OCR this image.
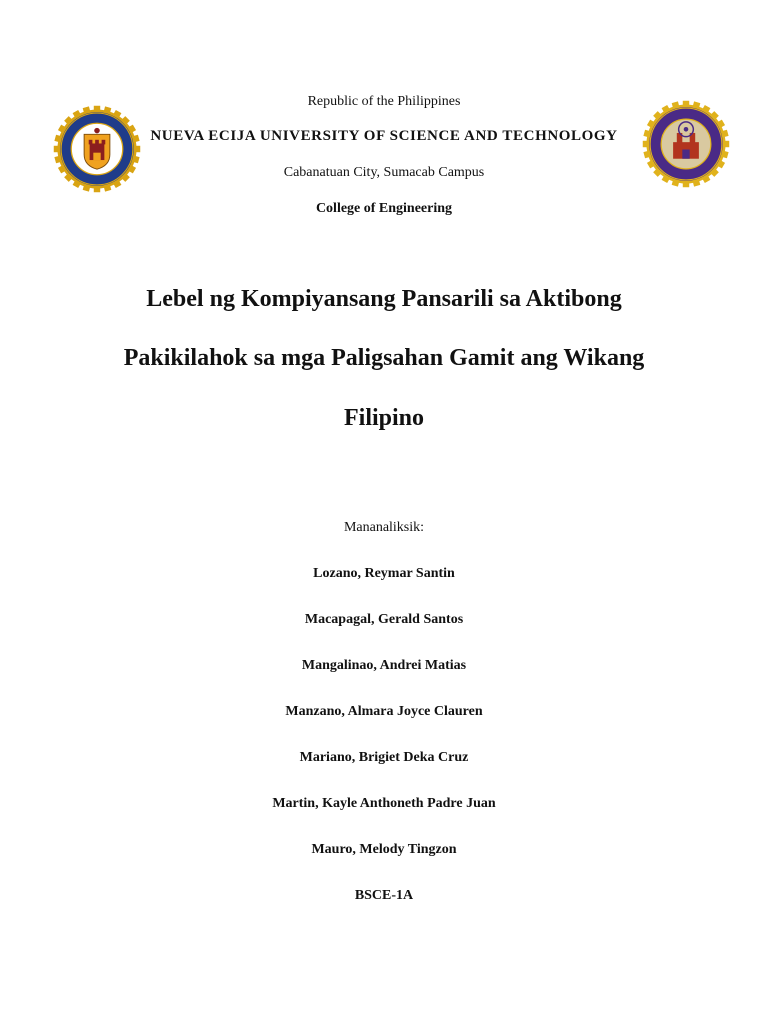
Republic of the Philippines
NUEVA ECIJA UNIVERSITY OF SCIENCE AND TECHNOLOGY
Cabanatuan City, Sumacab Campus
College of Engineering
Lebel ng Kompiyansang Pansarili sa Aktibong
Pakikilahok sa mga Paligsahan Gamit ang Wikang
Filipino
Mananaliksik:
Lozano, Reymar Santin
Macapagal, Gerald Santos
Mangalinao, Andrei Matias
Manzano, Almara Joyce Clauren
Mariano, Brigiet Deka Cruz
Martin, Kayle Anthoneth Padre Juan
Mauro, Melody Tingzon
BSCE-1A
